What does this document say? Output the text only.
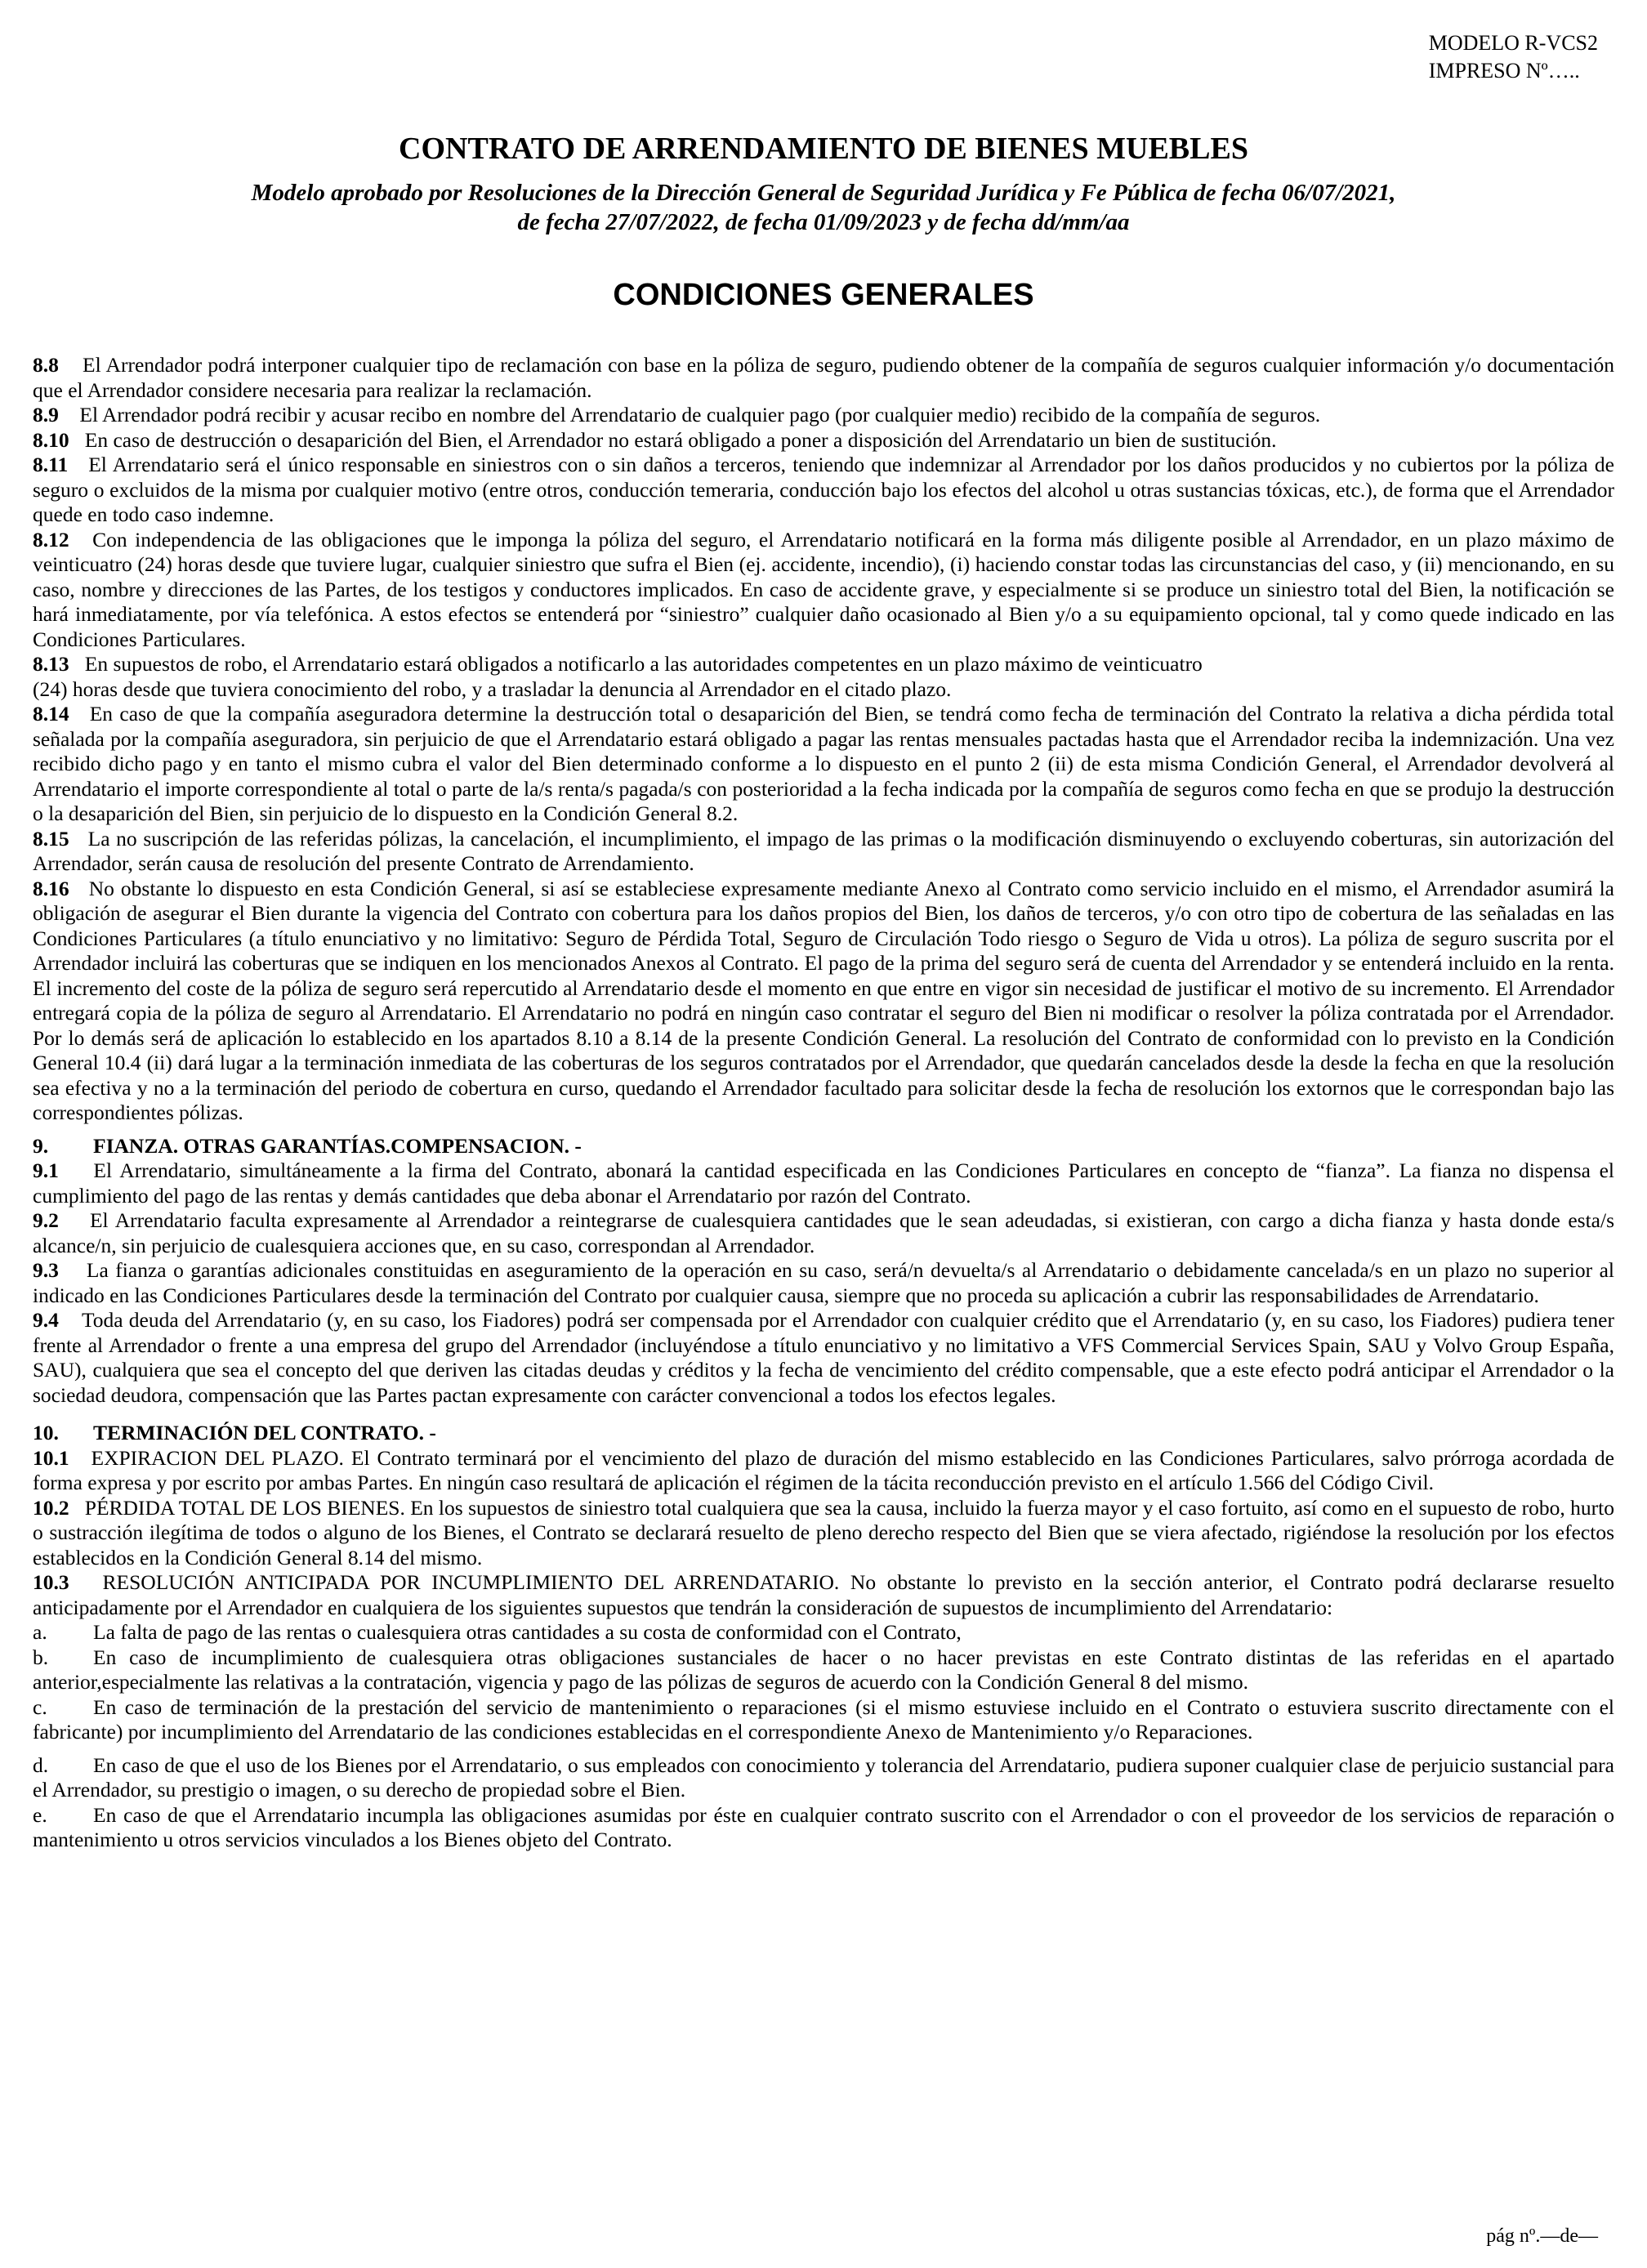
MODELO R-VCS2
IMPRESO Nº…..
CONTRATO DE ARRENDAMIENTO DE BIENES MUEBLES
Modelo aprobado por Resoluciones de la Dirección General de Seguridad Jurídica y Fe Pública de fecha 06/07/2021,
de fecha 27/07/2022, de fecha 01/09/2023 y de fecha dd/mm/aa
CONDICIONES GENERALES

8.8 El Arrendador podrá interponer cualquier tipo de reclamación con base en la póliza de seguro, pudiendo obtener de la compañía de seguros cualquier información y/o documentación que el Arrendador considere necesaria para realizar la reclamación.

8.9 El Arrendador podrá recibir y acusar recibo en nombre del Arrendatario de cualquier pago (por cualquier medio) recibido de la compañía de seguros.

8.10 En caso de destrucción o desaparición del Bien, el Arrendador no estará obligado a poner a disposición del Arrendatario un bien de sustitución.

8.11 El Arrendatario será el único responsable en siniestros con o sin daños a terceros, teniendo que indemnizar al Arrendador por los daños producidos y no cubiertos por la póliza de seguro o excluidos de la misma por cualquier motivo (entre otros, conducción temeraria, conducción bajo los efectos del alcohol u otras sustancias tóxicas, etc.), de forma que el Arrendador quede en todo caso indemne.

8.12 Con independencia de las obligaciones que le imponga la póliza del seguro, el Arrendatario notificará en la forma más diligente posible al Arrendador, en un plazo máximo de veinticuatro (24) horas desde que tuviere lugar, cualquier siniestro que sufra el Bien (ej. accidente, incendio), (i) haciendo constar todas las circunstancias del caso, y (ii) mencionando, en su caso, nombre y direcciones de las Partes, de los testigos y conductores implicados. En caso de accidente grave, y especialmente si se produce un siniestro total del Bien, la notificación se hará inmediatamente, por vía telefónica. A estos efectos se entenderá por “siniestro” cualquier daño ocasionado al Bien y/o a su equipamiento opcional, tal y como quede indicado en las Condiciones Particulares.

8.13 En supuestos de robo, el Arrendatario estará obligados a notificarlo a las autoridades competentes en un plazo máximo de veinticuatro
(24) horas desde que tuviera conocimiento del robo, y a trasladar la denuncia al Arrendador en el citado plazo.

8.14 En caso de que la compañía aseguradora determine la destrucción total o desaparición del Bien, se tendrá como fecha de terminación del Contrato la relativa a dicha pérdida total señalada por la compañía aseguradora, sin perjuicio de que el Arrendatario estará obligado a pagar las rentas mensuales pactadas hasta que el Arrendador reciba la indemnización. Una vez recibido dicho pago y en tanto el mismo cubra el valor del Bien determinado conforme a lo dispuesto en el punto 2 (ii) de esta misma Condición General, el Arrendador devolverá al Arrendatario el importe correspondiente al total o parte de la/s renta/s pagada/s con posterioridad a la fecha indicada por la compañía de seguros como fecha en que se produjo la destrucción o la desaparición del Bien, sin perjuicio de lo dispuesto en la Condición General 8.2.

8.15 La no suscripción de las referidas pólizas, la cancelación, el incumplimiento, el impago de las primas o la modificación disminuyendo o excluyendo coberturas, sin autorización del Arrendador, serán causa de resolución del presente Contrato de Arrendamiento.

8.16 No obstante lo dispuesto en esta Condición General, si así se estableciese expresamente mediante Anexo al Contrato como servicio incluido en el mismo, el Arrendador asumirá la obligación de asegurar el Bien durante la vigencia del Contrato con cobertura para los daños propios del Bien, los daños de terceros, y/o con otro tipo de cobertura de las señaladas en las Condiciones Particulares (a título enunciativo y no limitativo: Seguro de Pérdida Total, Seguro de Circulación Todo riesgo o Seguro de Vida u otros). La póliza de seguro suscrita por el Arrendador incluirá las coberturas que se indiquen en los mencionados Anexos al Contrato. El pago de la prima del seguro será de cuenta del Arrendador y se entenderá incluido en la renta. El incremento del coste de la póliza de seguro será repercutido al Arrendatario desde el momento en que entre en vigor sin necesidad de justificar el motivo de su incremento. El Arrendador entregará copia de la póliza de seguro al Arrendatario. El Arrendatario no podrá en ningún caso contratar el seguro del Bien ni modificar o resolver la póliza contratada por el Arrendador. Por lo demás será de aplicación lo establecido en los apartados 8.10 a 8.14 de la presente Condición General. La resolución del Contrato de conformidad con lo previsto en la Condición General 10.4 (ii) dará lugar a la terminación inmediata de las coberturas de los seguros contratados por el Arrendador, que quedarán cancelados desde la desde la fecha en que la resolución sea efectiva y no a la terminación del periodo de cobertura en curso, quedando el Arrendador facultado para solicitar desde la fecha de resolución los extornos que le correspondan bajo las correspondientes pólizas.

9. FIANZA. OTRAS GARANTÍAS.COMPENSACION. -

9.1 El Arrendatario, simultáneamente a la firma del Contrato, abonará la cantidad especificada en las Condiciones Particulares en concepto de “fianza”. La fianza no dispensa el cumplimiento del pago de las rentas y demás cantidades que deba abonar el Arrendatario por razón del Contrato.

9.2 El Arrendatario faculta expresamente al Arrendador a reintegrarse de cualesquiera cantidades que le sean adeudadas, si existieran, con cargo a dicha fianza y hasta donde esta/s alcance/n, sin perjuicio de cualesquiera acciones que, en su caso, correspondan al Arrendador.

9.3 La fianza o garantías adicionales constituidas en aseguramiento de la operación en su caso, será/n devuelta/s al Arrendatario o debidamente cancelada/s en un plazo no superior al indicado en las Condiciones Particulares desde la terminación del Contrato por cualquier causa, siempre que no proceda su aplicación a cubrir las responsabilidades de Arrendatario.

9.4 Toda deuda del Arrendatario (y, en su caso, los Fiadores) podrá ser compensada por el Arrendador con cualquier crédito que el Arrendatario (y, en su caso, los Fiadores) pudiera tener frente al Arrendador o frente a una empresa del grupo del Arrendador (incluyéndose a título enunciativo y no limitativo a VFS Commercial Services Spain, SAU y Volvo Group España, SAU), cualquiera que sea el concepto del que deriven las citadas deudas y créditos y la fecha de vencimiento del crédito compensable, que a este efecto podrá anticipar el Arrendador o la sociedad deudora, compensación que las Partes pactan expresamente con carácter convencional a todos los efectos legales.

10. TERMINACIÓN DEL CONTRATO. -

10.1 EXPIRACION DEL PLAZO. El Contrato terminará por el vencimiento del plazo de duración del mismo establecido en las Condiciones Particulares, salvo prórroga acordada de forma expresa y por escrito por ambas Partes. En ningún caso resultará de aplicación el régimen de la tácita reconducción previsto en el artículo 1.566 del Código Civil.

10.2 PÉRDIDA TOTAL DE LOS BIENES. En los supuestos de siniestro total cualquiera que sea la causa, incluido la fuerza mayor y el caso fortuito, así como en el supuesto de robo, hurto o sustracción ilegítima de todos o alguno de los Bienes, el Contrato se declarará resuelto de pleno derecho respecto del Bien que se viera afectado, rigiéndose la resolución por los efectos establecidos en la Condición General 8.14 del mismo.

10.3 RESOLUCIÓN ANTICIPADA POR INCUMPLIMIENTO DEL ARRENDATARIO. No obstante lo previsto en la sección anterior, el Contrato podrá declararse resuelto anticipadamente por el Arrendador en cualquiera de los siguientes supuestos que tendrán la consideración de supuestos de incumplimiento del Arrendatario:

a. La falta de pago de las rentas o cualesquiera otras cantidades a su costa de conformidad con el Contrato,

b. En caso de incumplimiento de cualesquiera otras obligaciones sustanciales de hacer o no hacer previstas en este Contrato distintas de las referidas en el apartado anterior,especialmente las relativas a la contratación, vigencia y pago de las pólizas de seguros de acuerdo con la Condición General 8 del mismo.

c. En caso de terminación de la prestación del servicio de mantenimiento o reparaciones (si el mismo estuviese incluido en el Contrato o estuviera suscrito directamente con el fabricante) por incumplimiento del Arrendatario de las condiciones establecidas en el correspondiente Anexo de Mantenimiento y/o Reparaciones.

d. En caso de que el uso de los Bienes por el Arrendatario, o sus empleados con conocimiento y tolerancia del Arrendatario, pudiera suponer cualquier clase de perjuicio sustancial para el Arrendador, su prestigio o imagen, o su derecho de propiedad sobre el Bien.

e. En caso de que el Arrendatario incumpla las obligaciones asumidas por éste en cualquier contrato suscrito con el Arrendador o con el proveedor de los servicios de reparación o mantenimiento u otros servicios vinculados a los Bienes objeto del Contrato.

pág nº.—de—
